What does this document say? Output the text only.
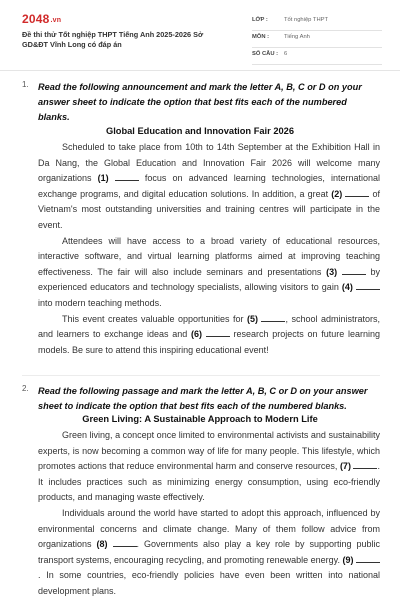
2048.vn
Đề thi thử Tốt nghiệp THPT Tiếng Anh 2025-2026 Sở GD&ĐT Vĩnh Long có đáp án
LỚP :	Tốt nghiệp THPT
MÔN :	Tiếng Anh
SỐ CÂU : 6
1. Read the following announcement and mark the letter A, B, C or D on your answer sheet to indicate the option that best fits each of the numbered blanks.
Global Education and Innovation Fair 2026

Scheduled to take place from 10th to 14th September at the Exhibition Hall in Da Nang, the Global Education and Innovation Fair 2026 will welcome many organizations (1)	focus on advanced learning technologies, international exchange programs, and digital education solutions. In addition, a great (2)	of Vietnam's most outstanding universities and training centres will participate in the event.

Attendees will have access to a broad variety of educational resources, interactive software, and virtual learning platforms aimed at improving teaching effectiveness. The fair will also include seminars and presentations (3)	by experienced educators and technology specialists, allowing visitors to gain (4)  into modern teaching methods.

This event creates valuable opportunities for (5)	, school administrators, and learners to exchange ideas and (6)	research projects on future learning models. Be sure to attend this inspiring educational event!

2. Read the following passage and mark the letter A, B, C or D on your answer sheet to indicate the option that best fits each of the numbered blanks.
Green Living: A Sustainable Approach to Modern Life

Green living, a concept once limited to environmental activists and sustainability experts, is now becoming a common way of life for many people. This lifestyle, which promotes actions that reduce environmental harm and conserve resources, (7)	. It includes practices such as minimizing energy consumption, using eco-friendly products, and managing waste effectively.

Individuals around the world have started to adopt this approach, influenced by environmental concerns and climate change. Many of them follow advice from organizations (8)	. Governments also play a key role by supporting public transport systems, encouraging recycling, and promoting renewable energy. (9) . In some countries, eco-friendly policies have even been written into national development plans.
